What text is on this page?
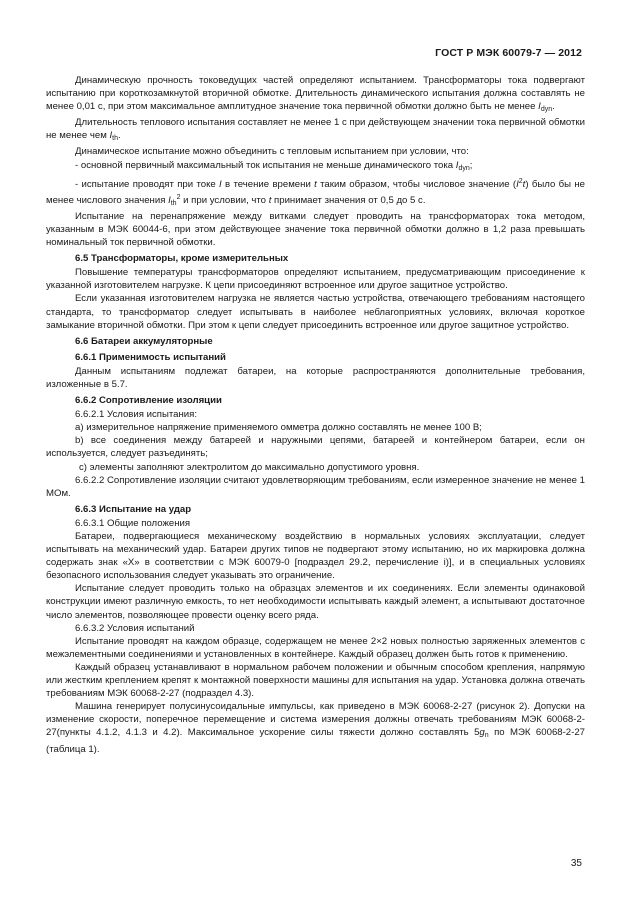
ГОСТ Р МЭК 60079-7 — 2012

Динамическую прочность токоведущих частей определяют испытанием. Трансформаторы тока подвергают испытанию при короткозамкнутой вторичной обмотке. Длительность динамического испытания должна составлять не менее 0,01 с, при этом максимальное амплитудное значение тока первичной обмотки должно быть не менее $I_{dyn}$.

Длительность теплового испытания составляет не менее 1 с при действующем значении тока первичной обмотки не менее чем $I_{th}$.

Динамическое испытание можно объединить с тепловым испытанием при условии, что:

- основной первичный максимальный ток испытания не меньше динамического тока $I_{dyn}$;

- испытание проводят при токе I в течение времени t таким образом, чтобы числовое значение $(I^2t)$ было бы не менее числового значения $I_{th}^2$ и при условии, что t принимает значения от 0,5 до 5 с.

Испытание на перенапряжение между витками следует проводить на трансформаторах тока методом, указанным в МЭК 60044-6, при этом действующее значение тока первичной обмотки должно в 1,2 раза превышать номинальный ток первичной обмотки.

6.5 Трансформаторы, кроме измерительных

Повышение температуры трансформаторов определяют испытанием, предусматривающим присоединение к указанной изготовителем нагрузке. К цепи присоединяют встроенное или другое защитное устройство.

Если указанная изготовителем нагрузка не является частью устройства, отвечающего требованиям настоящего стандарта, то трансформатор следует испытывать в наиболее неблагоприятных условиях, включая короткое замыкание вторичной обмотки. При этом к цепи следует присоединить встроенное или другое защитное устройство.

6.6 Батареи аккумуляторные

6.6.1 Применимость испытаний

Данным испытаниям подлежат батареи, на которые распространяются дополнительные требования, изложенные в 5.7.

6.6.2 Сопротивление изоляции

6.6.2.1 Условия испытания:

а) измерительное напряжение применяемого омметра должно составлять не менее 100 В;

b) все соединения между батареей и наружными цепями, батареей и контейнером батареи, если он используется, следует разъединять;

c) элементы заполняют электролитом до максимально допустимого уровня.

6.6.2.2 Сопротивление изоляции считают удовлетворяющим требованиям, если измеренное значение не менее 1 МОм.

6.6.3 Испытание на удар

6.6.3.1 Общие положения

Батареи, подвергающиеся механическому воздействию в нормальных условиях эксплуатации, следует испытывать на механический удар. Батареи других типов не подвергают этому испытанию, но их маркировка должна содержать знак «X» в соответствии с МЭК 60079-0 [подраздел 29.2, перечисление i)], и в специальных условиях безопасного использования следует указывать это ограничение.

Испытание следует проводить только на образцах элементов и их соединениях. Если элементы одинаковой конструкции имеют различную емкость, то нет необходимости испытывать каждый элемент, а испытывают достаточное число элементов, позволяющее провести оценку всего ряда.

6.6.3.2 Условия испытаний

Испытание проводят на каждом образце, содержащем не менее 2×2 новых полностью заряженных элементов с межэлементными соединениями и установленных в контейнере. Каждый образец должен быть готов к применению.

Каждый образец устанавливают в нормальном рабочем положении и обычным способом крепления, напрямую или жестким креплением крепят к монтажной поверхности машины для испытания на удар. Установка должна отвечать требованиям МЭК 60068-2-27 (подраздел 4.3).

Машина генерирует полусинусоидальные импульсы, как приведено в МЭК 60068-2-27 (рисунок 2). Допуски на изменение скорости, поперечное перемещение и система измерения должны отвечать требованиям МЭК 60068-2-27(пункты 4.1.2, 4.1.3 и 4.2). Максимальное ускорение силы тяжести должно составлять $5g_n$ по МЭК 60068-2-27 (таблица 1).

35
